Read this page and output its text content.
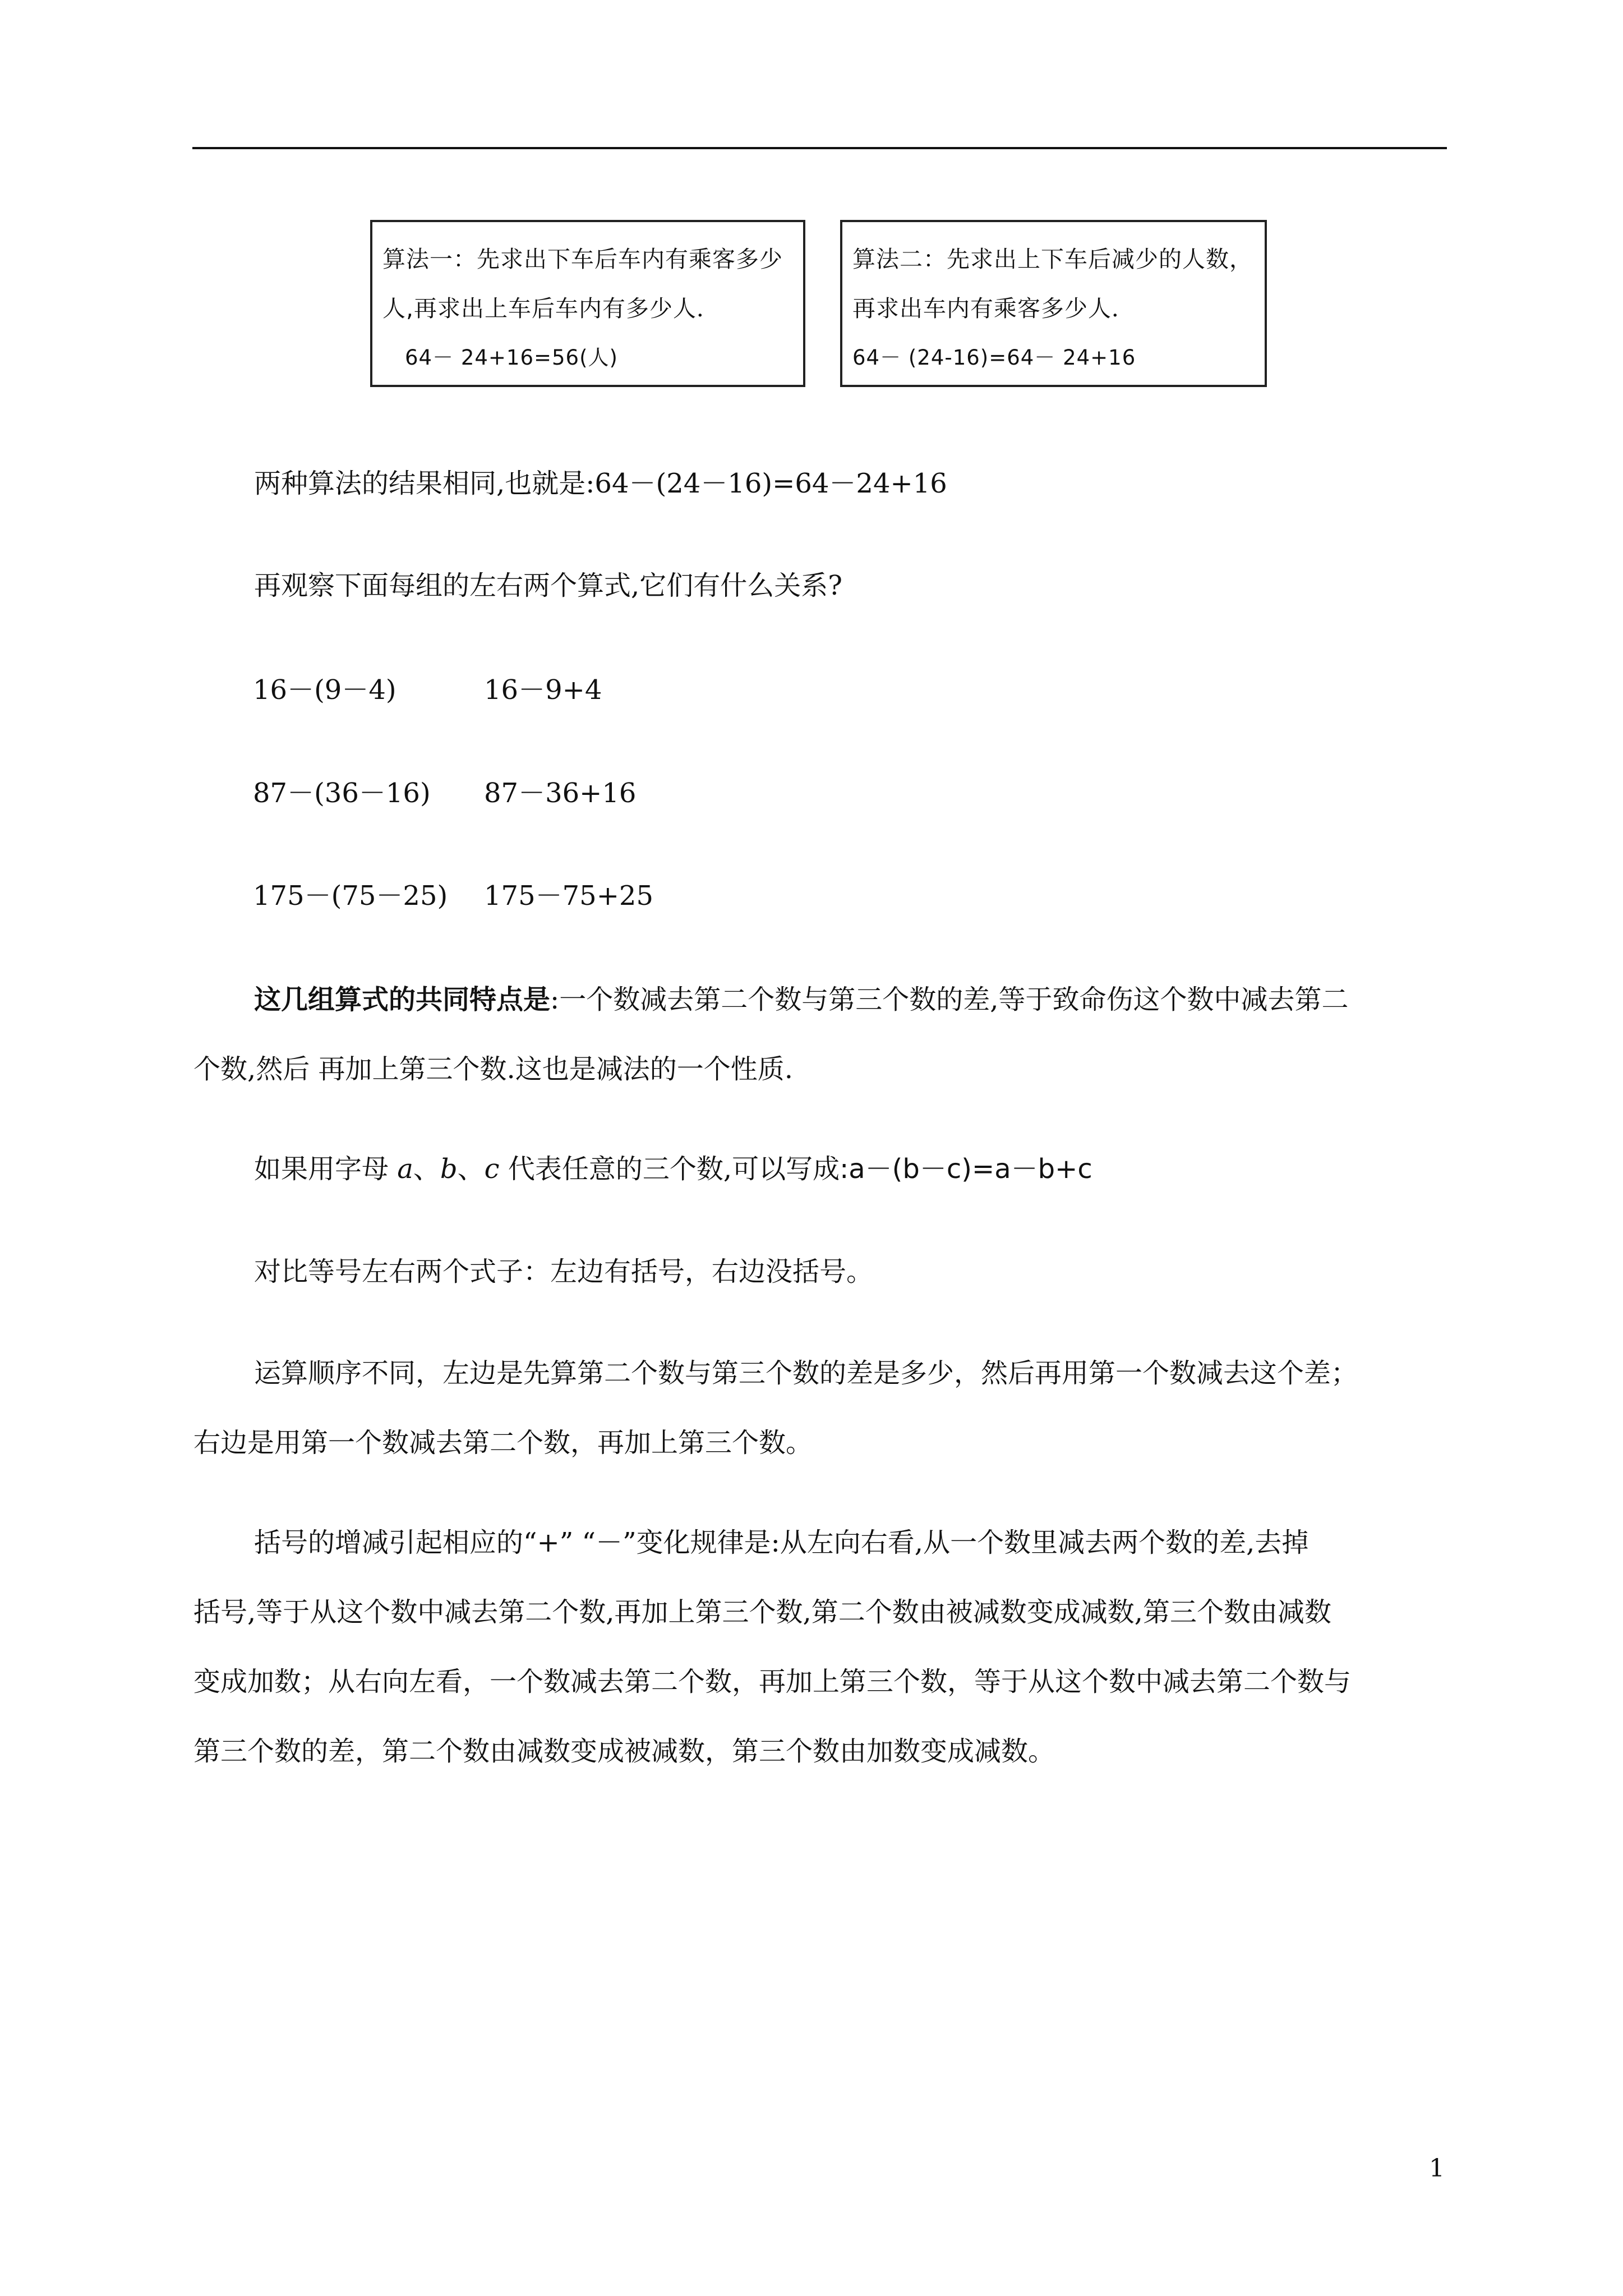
算法一：先求出下车后车内有乘客多少
人,再求出上车后车内有多少人．
64－ 24+16=56(人)
算法二：先求出上下车后减少的人数，
再求出车内有乘客多少人．
64－ (24-16)=64－ 24+16

两种算法的结果相同,也就是:64－(24－16)=64－24+16

再观察下面每组的左右两个算式,它们有什么关系?

16－(9－4)	16－9+4
87－(36－16) 87－36+16
175－(75－25) 175－75+25
这几组算式的共同特点是:一个数减去第二个数与第三个数的差,等于致命伤这个数中减去第二
个数,然后 再加上第三个数.这也是减法的一个性质.

如果用字母 a、b、c 代表任意的三个数,可以写成:a－(b－c)=a－b+c

对比等号左右两个式子：左边有括号，右边没括号。

运算顺序不同，左边是先算第二个数与第三个数的差是多少，然后再用第一个数减去这个差；
右边是用第一个数减去第二个数，再加上第三个数。
括号的增减引起相应的“+” “－”变化规律是:从左向右看,从一个数里减去两个数的差,去掉
括号,等于从这个数中减去第二个数,再加上第三个数,第二个数由被减数变成减数,第三个数由减数
变成加数；从右向左看，一个数减去第二个数，再加上第三个数，等于从这个数中减去第二个数与
第三个数的差，第二个数由减数变成被减数，第三个数由加数变成减数。
1
